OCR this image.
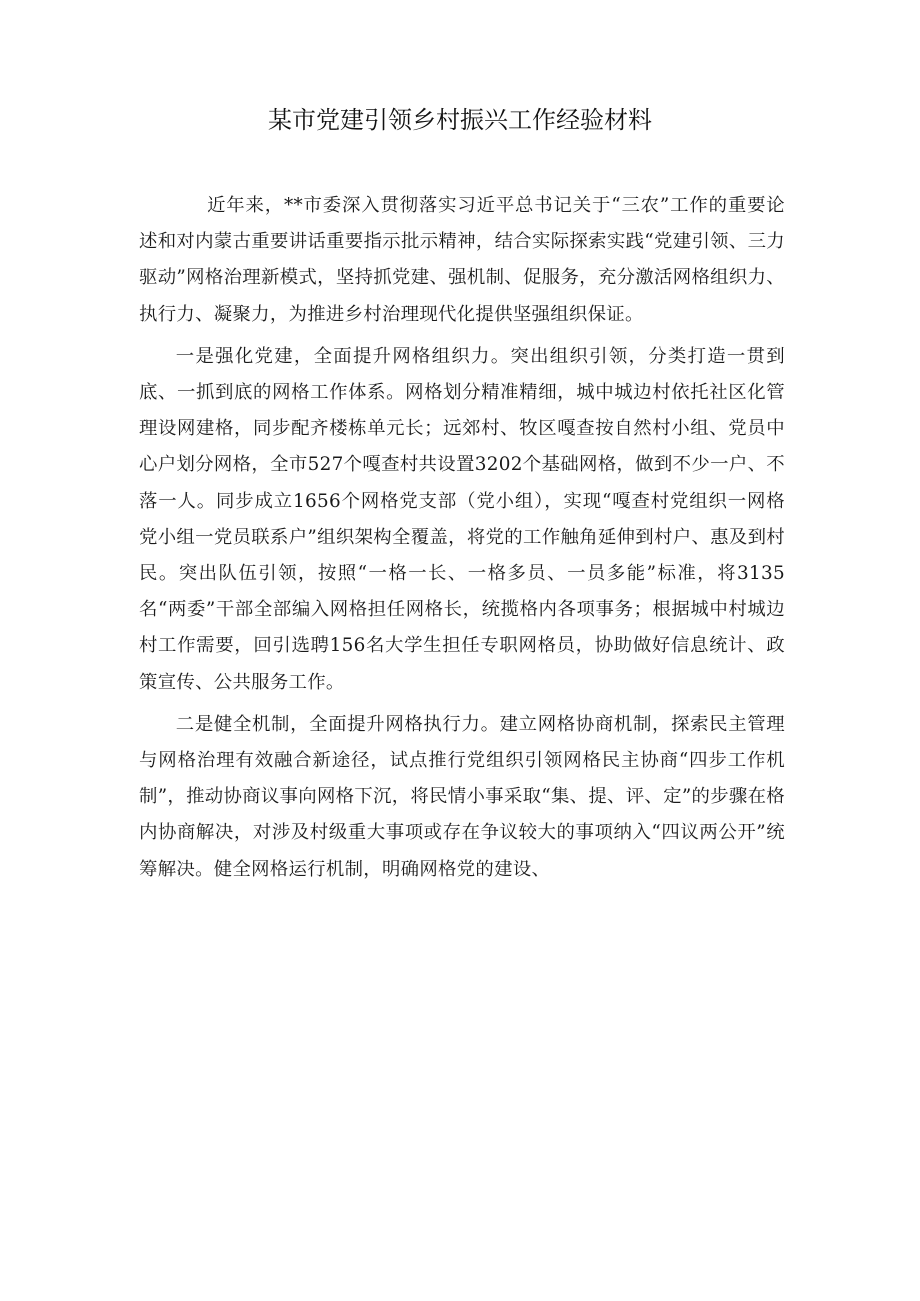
某市党建引领乡村振兴工作经验材料

近年来，**市委深入贯彻落实习近平总书记关于“三农”工作的重要论述和对内蒙古重要讲话重要指示批示精神，结合实际探索实践“党建引领、三力驱动”网格治理新模式，坚持抓党建、强机制、促服务，充分激活网格组织力、执行力、凝聚力，为推进乡村治理现代化提供坚强组织保证。

一是强化党建，全面提升网格组织力。突出组织引领，分类打造一贯到底、一抓到底的网格工作体系。网格划分精准精细，城中城边村依托社区化管理设网建格，同步配齐楼栋单元长；远郊村、牧区嘎查按自然村小组、党员中心户划分网格，全市527个嘎查村共设置3202个基础网格，做到不少一户、不落一人。同步成立1656个网格党支部（党小组），实现“嘎查村党组织一网格党小组一党员联系户”组织架构全覆盖，将党的工作触角延伸到村户、惠及到村民。突出队伍引领，按照“一格一长、一格多员、一员多能”标准，将3135名“两委”干部全部编入网格担任网格长，统揽格内各项事务；根据城中村城边村工作需要，回引选聘156名大学生担任专职网格员，协助做好信息统计、政策宣传、公共服务工作。

二是健全机制，全面提升网格执行力。建立网格协商机制，探索民主管理与网格治理有效融合新途径，试点推行党组织引领网格民主协商“四步工作机制”，推动协商议事向网格下沉，将民情小事采取“集、提、评、定”的步骤在格内协商解决，对涉及村级重大事项或存在争议较大的事项纳入“四议两公开”统筹解决。健全网格运行机制，明确网格党的建设、
